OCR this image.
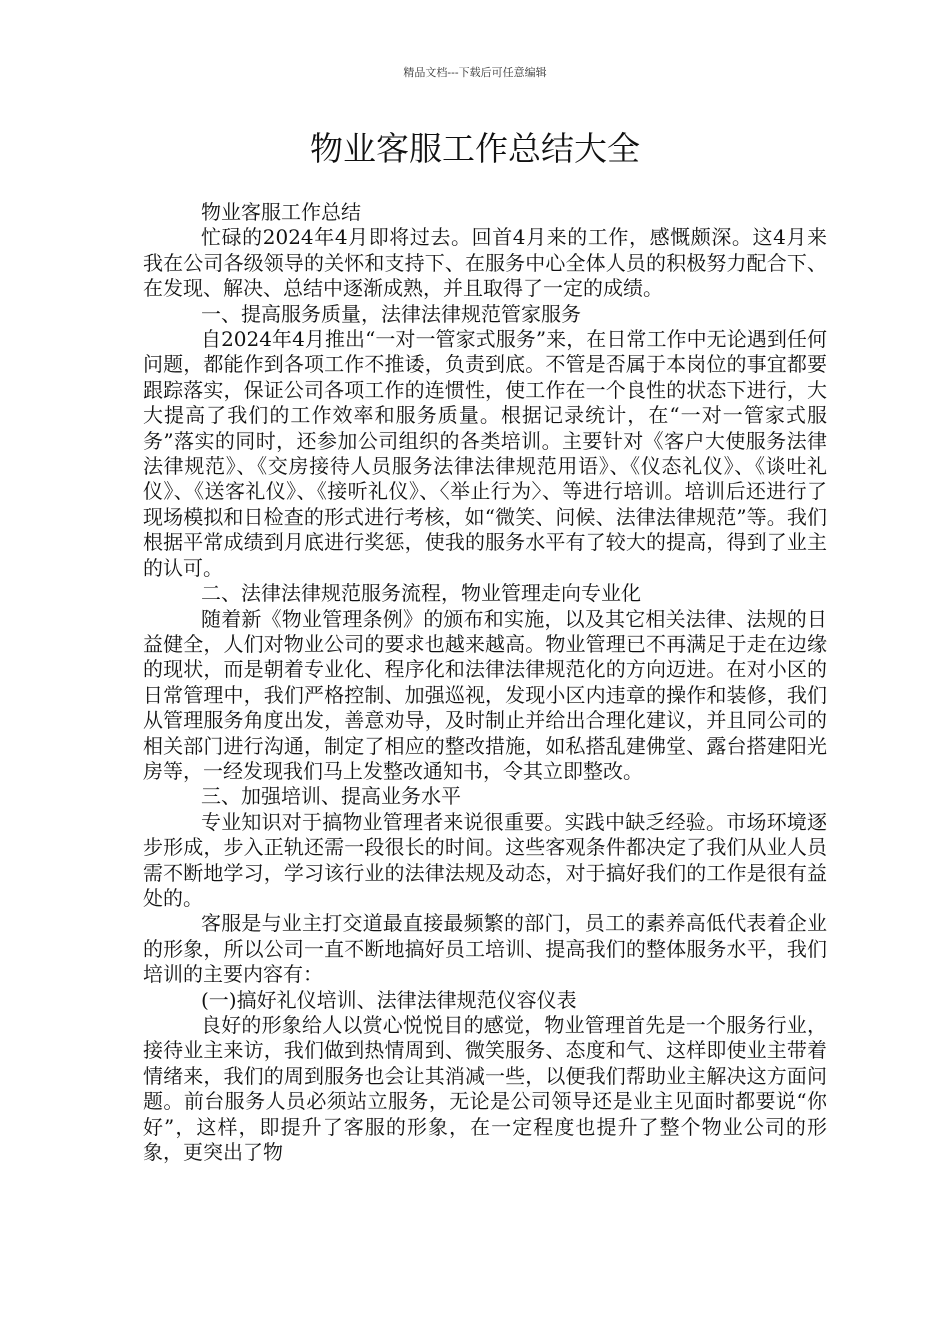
精品文档---下载后可任意编辑
物业客服工作总结大全

物业客服工作总结

忙碌的2024年4月即将过去。回首4月来的工作，感慨颇深。这4月来我在公司各级领导的关怀和支持下、在服务中心全体人员的积极努力配合下、在发现、解决、总结中逐渐成熟，并且取得了一定的成绩。

一、提高服务质量，法律法律规范管家服务

自2024年4月推出“一对一管家式服务”来，在日常工作中无论遇到任何问题，都能作到各项工作不推诿，负责到底。不管是否属于本岗位的事宜都要跟踪落实，保证公司各项工作的连惯性，使工作在一个良性的状态下进行，大大提高了我们的工作效率和服务质量。根据记录统计，在“一对一管家式服务”落实的同时，还参加公司组织的各类培训。主要针对《客户大使服务法律法律规范》、《交房接待人员服务法律法律规范用语》、《仪态礼仪》、《谈吐礼仪》、《送客礼仪》、《接听礼仪》、〈举止行为〉、等进行培训。培训后还进行了现场模拟和日检查的形式进行考核，如“微笑、问候、法律法律规范”等。我们根据平常成绩到月底进行奖惩，使我的服务水平有了较大的提高，得到了业主的认可。

二、法律法律规范服务流程，物业管理走向专业化

随着新《物业管理条例》的颁布和实施，以及其它相关法律、法规的日益健全，人们对物业公司的要求也越来越高。物业管理已不再满足于走在边缘的现状，而是朝着专业化、程序化和法律法律规范化的方向迈进。在对小区的日常管理中，我们严格控制、加强巡视，发现小区内违章的操作和装修，我们从管理服务角度出发，善意劝导，及时制止并给出合理化建议，并且同公司的相关部门进行沟通，制定了相应的整改措施，如私搭乱建佛堂、露台搭建阳光房等，一经发现我们马上发整改通知书，令其立即整改。

三、加强培训、提高业务水平

专业知识对于搞物业管理者来说很重要。实践中缺乏经验。市场环境逐步形成，步入正轨还需一段很长的时间。这些客观条件都决定了我们从业人员需不断地学习，学习该行业的法律法规及动态，对于搞好我们的工作是很有益处的。

客服是与业主打交道最直接最频繁的部门，员工的素养高低代表着企业的形象，所以公司一直不断地搞好员工培训、提高我们的整体服务水平，我们培训的主要内容有：

(一)搞好礼仪培训、法律法律规范仪容仪表

良好的形象给人以赏心悦悦目的感觉，物业管理首先是一个服务行业，接待业主来访，我们做到热情周到、微笑服务、态度和气、这样即使业主带着情绪来，我们的周到服务也会让其消减一些，以便我们帮助业主解决这方面问题。前台服务人员必须站立服务，无论是公司领导还是业主见面时都要说“你好”，这样，即提升了客服的形象，在一定程度也提升了整个物业公司的形象，更突出了物
